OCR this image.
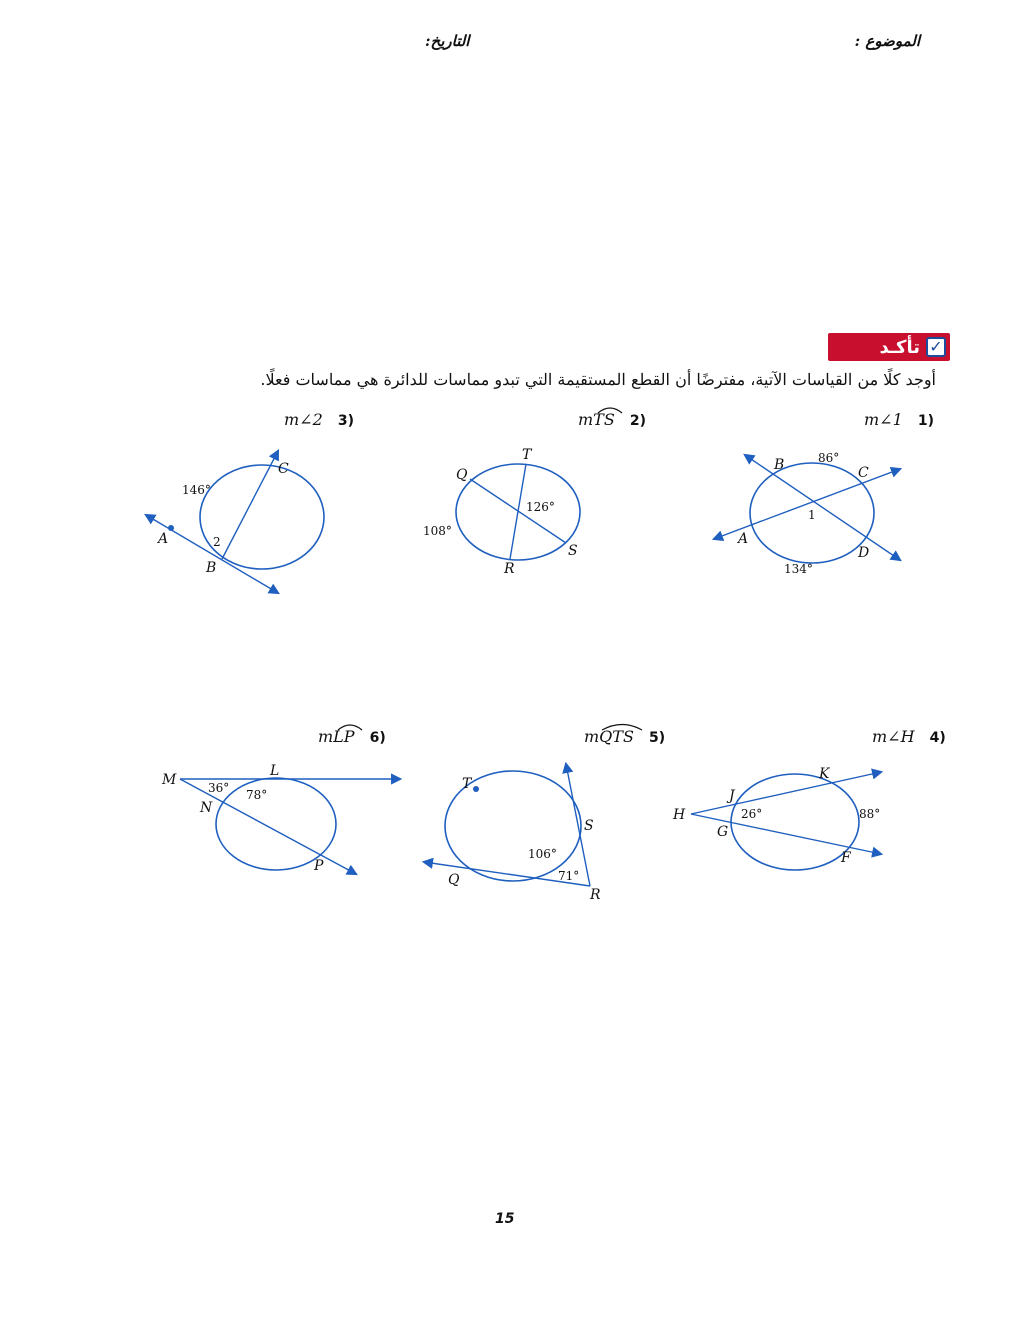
الموضوع :
التاريخ:
تأكـد ✓
أوجد كلًا من القياسات الآتية، مفترضًا أن القطع المستقيمة التي تبدو مماسات للدائرة هي مماسات فعلًا.
m∠1 1)
mTS 2)
m∠2 3)
B	C
A
D
1
86°
134°
Q
T
R
S
126°
108°
A
B
C
2
146°
m∠H 4)
mQTS 5)
mLP 6)
H
J
K
G
F
26°	88°
T
S
Q
R
106°
71°
M
L
N
P
36° 78°
15
